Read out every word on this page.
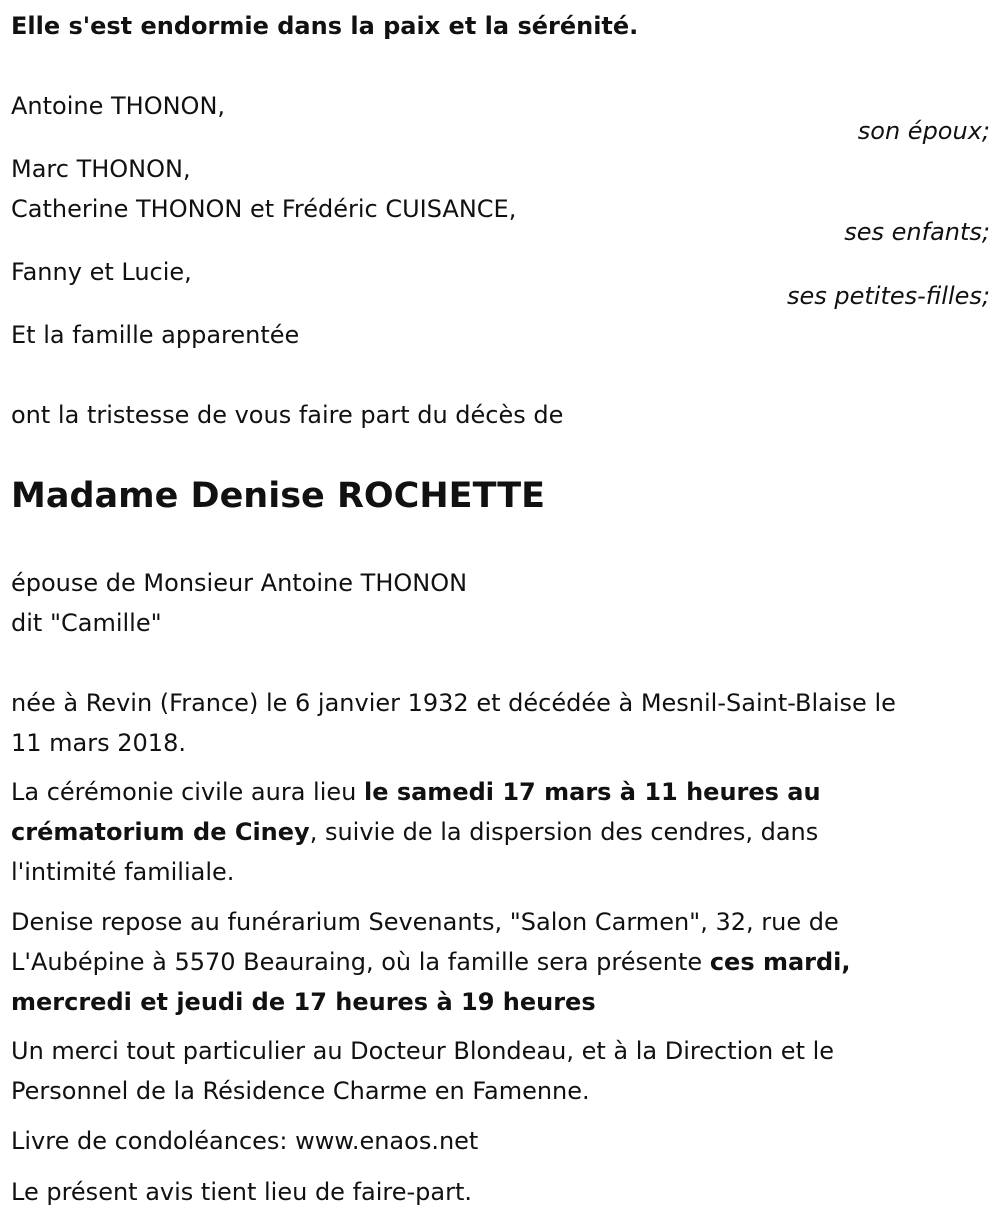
Elle s'est endormie dans la paix et la sérénité.
Antoine THONON,
son époux;
Marc THONON,
Catherine THONON et Frédéric CUISANCE,
ses enfants;
Fanny et Lucie,
ses petites-filles;
Et la famille apparentée
ont la tristesse de vous faire part du décès de
Madame Denise ROCHETTE
épouse de Monsieur Antoine THONON
dit "Camille"
née à Revin (France) le 6 janvier 1932 et décédée à Mesnil-Saint-Blaise le
11 mars 2018.
La cérémonie civile aura lieu le samedi 17 mars à 11 heures au
crématorium de Ciney, suivie de la dispersion des cendres, dans
l'intimité familiale.
Denise repose au funérarium Sevenants, "Salon Carmen", 32, rue de
L'Aubépine à 5570 Beauraing, où la famille sera présente ces mardi,
mercredi et jeudi de 17 heures à 19 heures
Un merci tout particulier au Docteur Blondeau, et à la Direction et le
Personnel de la Résidence Charme en Famenne.
Livre de condoléances: www.enaos.net
Le présent avis tient lieu de faire-part.
